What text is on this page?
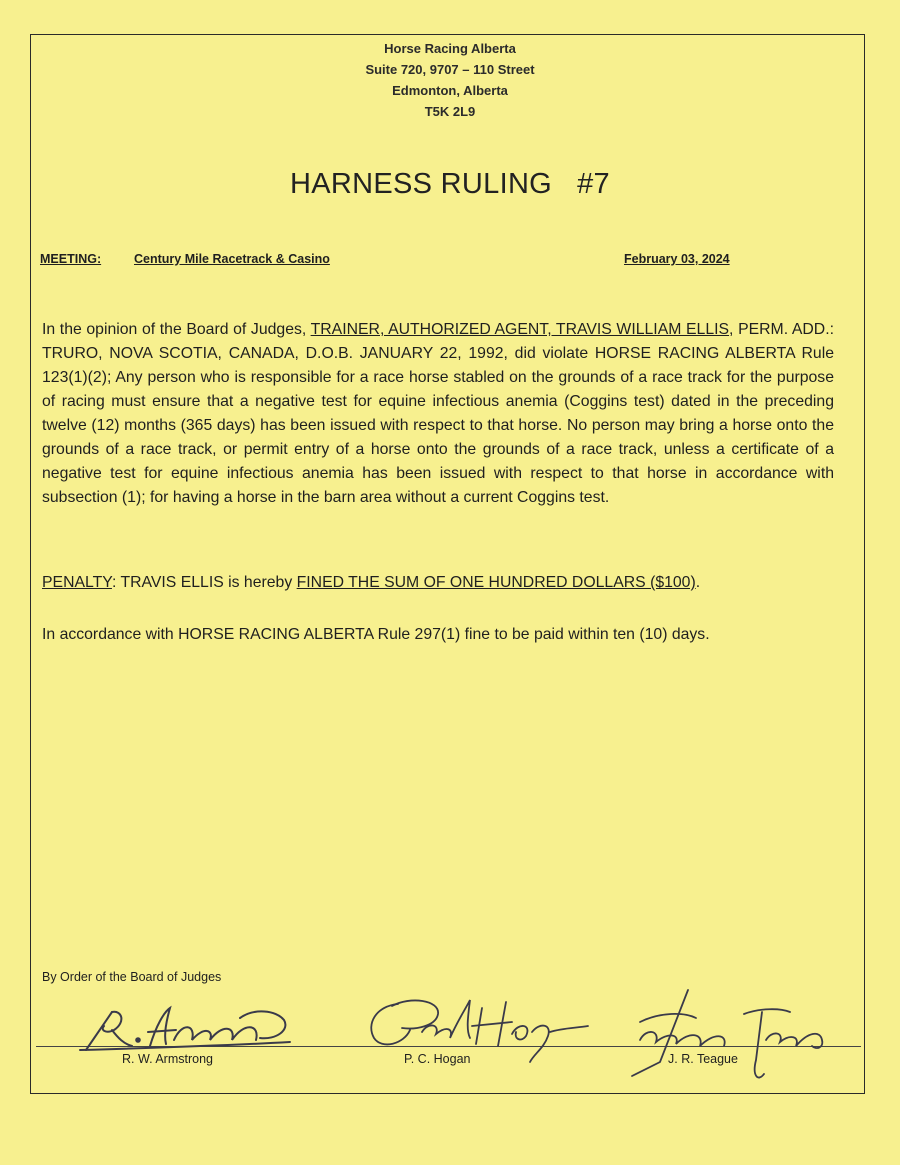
Horse Racing Alberta
Suite 720, 9707 – 110 Street
Edmonton, Alberta
T5K 2L9
HARNESS RULING   #7
MEETING:	Century Mile Racetrack & Casino	February 03, 2024
In the opinion of the Board of Judges, TRAINER, AUTHORIZED AGENT, TRAVIS WILLIAM ELLIS, PERM. ADD.: TRURO, NOVA SCOTIA, CANADA, D.O.B. JANUARY 22, 1992, did violate HORSE RACING ALBERTA Rule 123(1)(2); Any person who is responsible for a race horse stabled on the grounds of a race track for the purpose of racing must ensure that a negative test for equine infectious anemia (Coggins test) dated in the preceding twelve (12) months (365 days) has been issued with respect to that horse. No person may bring a horse onto the grounds of a race track, or permit entry of a horse onto the grounds of a race track, unless a certificate of a negative test for equine infectious anemia has been issued with respect to that horse in accordance with subsection (1); for having a horse in the barn area without a current Coggins test.
PENALTY: TRAVIS ELLIS is hereby FINED THE SUM OF ONE HUNDRED DOLLARS ($100).
In accordance with HORSE RACING ALBERTA Rule 297(1) fine to be paid within ten (10) days.
By Order of the Board of Judges
R. W. Armstrong	P. C. Hogan	J. R. Teague
